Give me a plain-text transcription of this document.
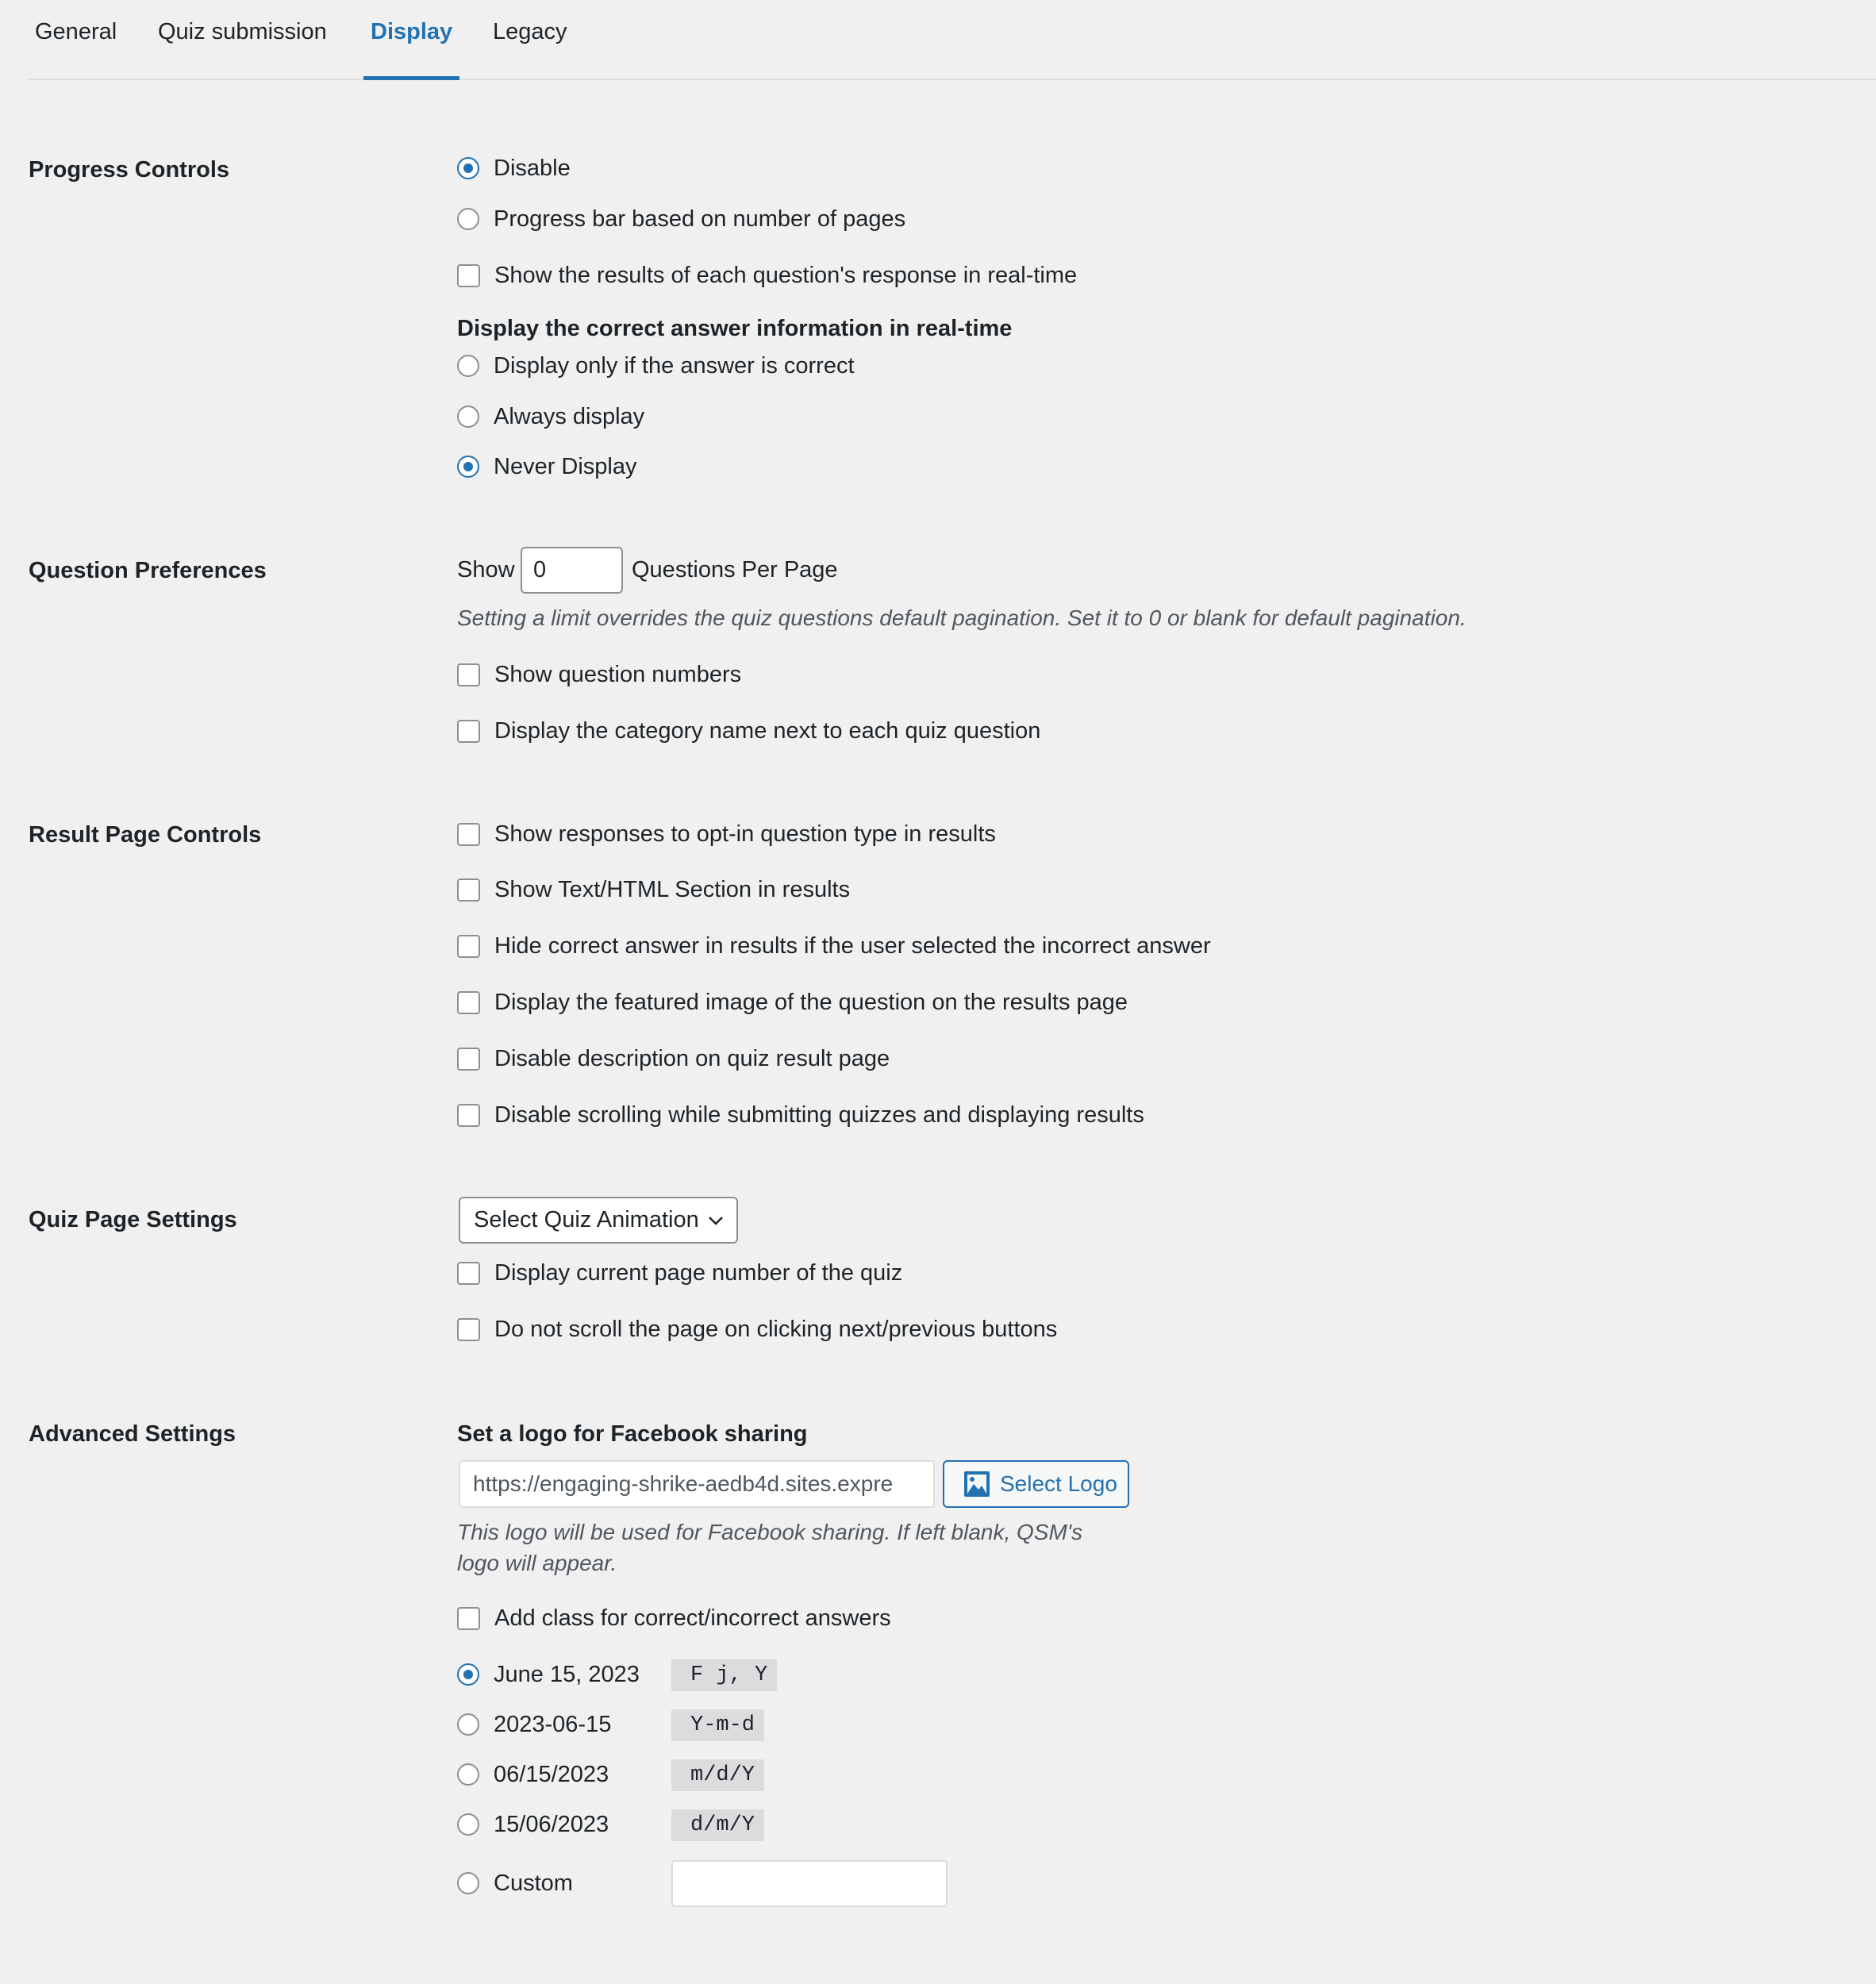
General	Quiz submission	Display	Legacy
Progress Controls	Disable
Progress bar based on number of pages
Show the results of each question's response in real-time
Display the correct answer information in real-time
Display only if the answer is correct
Always display
Never Display
Question Preferences	Show 0	Questions Per Page
Setting a limit overrides the quiz questions default pagination. Set it to 0 or blank for default pagination.
Show question numbers
Display the category name next to each quiz question
Result Page Controls	Show responses to opt-in question type in results
Show Text/HTML Section in results
Hide correct answer in results if the user selected the incorrect answer
Display the featured image of the question on the results page
Disable description on quiz result page
Disable scrolling while submitting quizzes and displaying results
Quiz Page Settings	Select Quiz Animation
Display current page number of the quiz
Do not scroll the page on clicking next/previous buttons
Advanced Settings	Set a logo for Facebook sharing
https://engaging-shrike-aedb4d.sites.expre	Select Logo
This logo will be used for Facebook sharing. If left blank, QSM's
logo will appear.
Add class for correct/incorrect answers
June 15, 2023	F j, Y
2023-06-15	Y-m-d
06/15/2023	m/d/Y
15/06/2023	d/m/Y
Custom
